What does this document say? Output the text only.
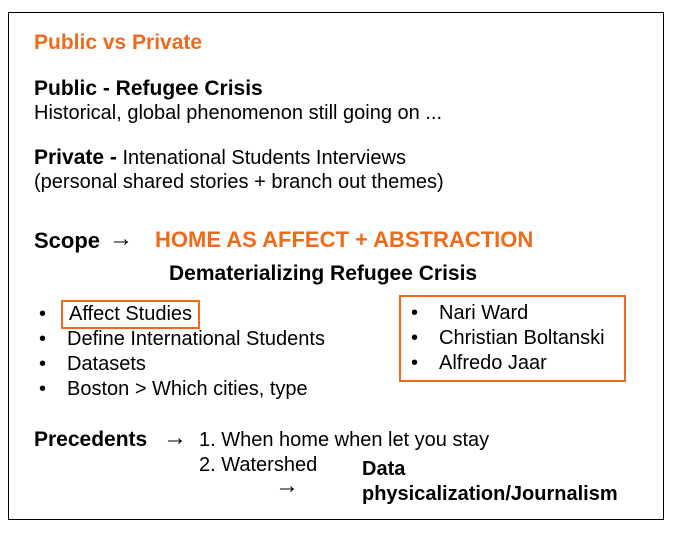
Public vs Private
Public - Refugee Crisis
Historical, global phenomenon still going on ...
Private - Intenational Students Interviews
(personal shared stories + branch out themes)
Scope → HOME AS AFFECT + ABSTRACTION
Dematerializing Refugee Crisis
•	Affect Studies
• Define International Students
• Datasets
• Boston > Which cities, type
• Nari Ward
• Christian Boltanski
• Alfredo Jaar
Precedents → 1. When home when let you stay
2. Watershed
→
Data
physicalization/Journalism
